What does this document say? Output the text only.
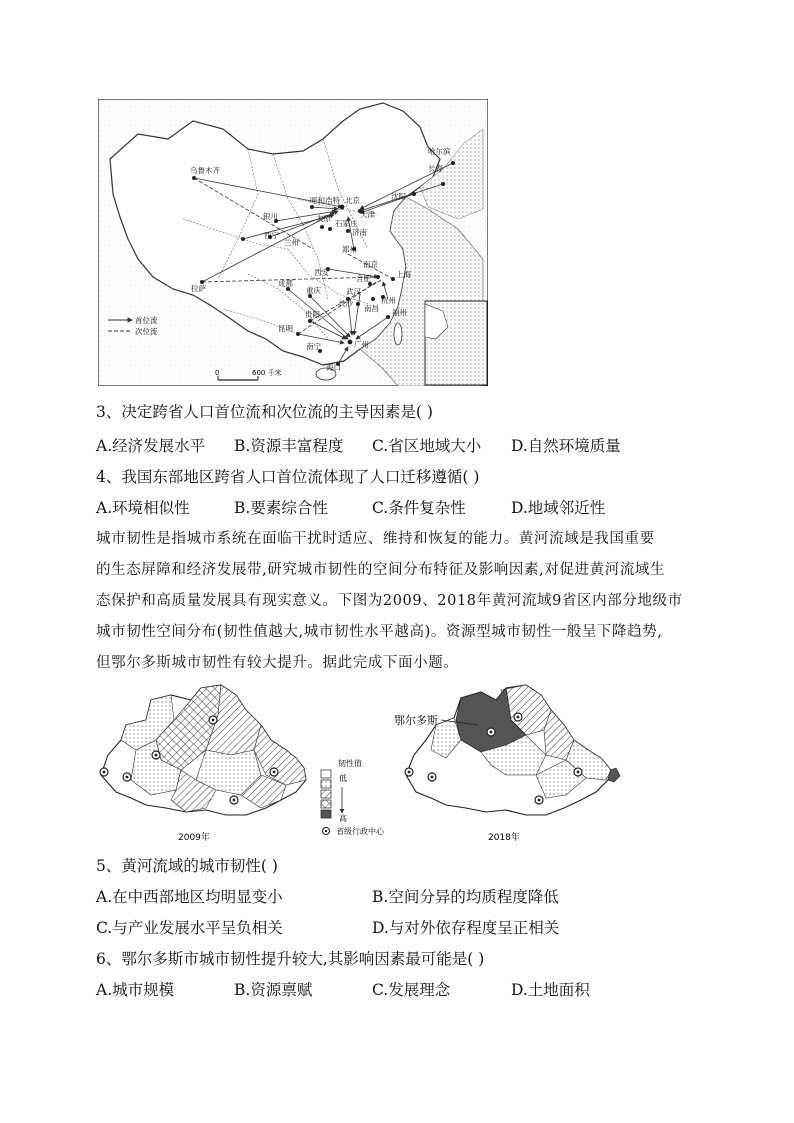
乌鲁木齐
哈尔滨
长春
沈阳
呼和浩特 北京
天津
银川
西宁
兰州
石家庄
太原
济南
郑州
西安
南京
上海
合肥
杭州
武汉
拉萨
成都
重庆
长沙
南昌 福州
贵阳
昆明
南宁	广州
海口
首位流
次位流
0	600 千米
3、决定跨省人口首位流和次位流的主导因素是( )
A.经济发展水平 B.资源丰富程度 C.省区地域大小 D.自然环境质量
4、我国东部地区跨省人口首位流体现了人口迁移遵循( )
A.环境相似性	B.要素综合性	C.条件复杂性	D.地域邻近性
城市韧性是指城市系统在面临干扰时适应、维持和恢复的能力。黄河流域是我国重要
的生态屏障和经济发展带,研究城市韧性的空间分布特征及影响因素,对促进黄河流域生
态保护和高质量发展具有现实意义。下图为2009、2018年黄河流域9省区内部分地级市
城市韧性空间分布(韧性值越大,城市韧性水平越高)。资源型城市韧性一般呈下降趋势,
但鄂尔多斯城市韧性有较大提升。据此完成下面小题。
2009年
韧性值
低
高
省级行政中心
鄂尔多斯
2018年
5、黄河流域的城市韧性( )
A.在中西部地区均明显变小	B.空间分异的均质程度降低
C.与产业发展水平呈负相关	D.与对外依存程度呈正相关
6、鄂尔多斯市城市韧性提升较大,其影响因素最可能是( )
A.城市规模	B.资源禀赋	C.发展理念	D.土地面积
